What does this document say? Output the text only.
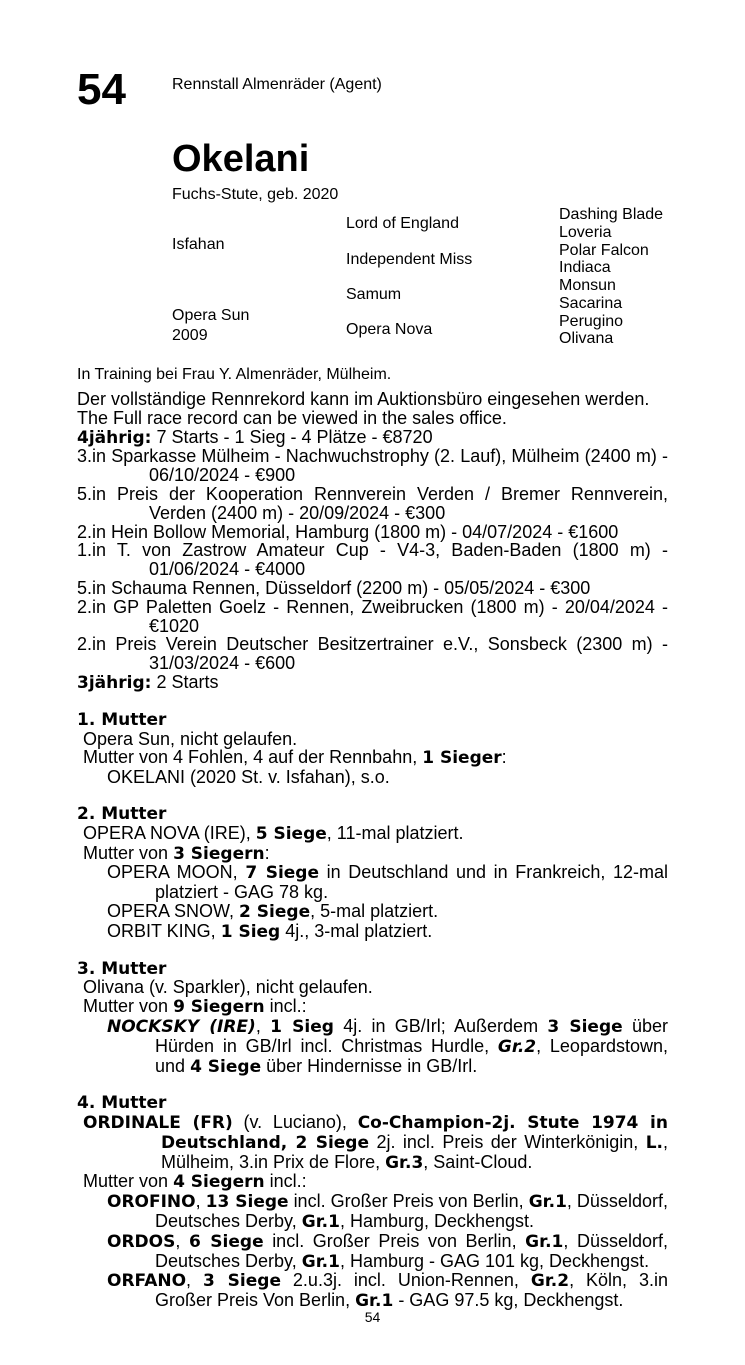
54	Rennstall Almenräder (Agent)
Okelani
Fuchs-Stute, geb. 2020
Isfahan
Opera Sun
2009
Lord of England
Independent Miss
Samum
Opera Nova
Dashing Blade
Loveria
Polar Falcon
Indiaca
Monsun
Sacarina
Perugino
Olivana
In Training bei Frau Y. Almenräder, Mülheim.
Der vollständige Rennrekord kann im Auktionsbüro eingesehen werden.
The Full race record can be viewed in the sales office.
4jährig: 7 Starts - 1 Sieg - 4 Plätze - €8720
3.in Sparkasse Mülheim - Nachwuchstrophy (2. Lauf), Mülheim (2400 m) - 06/10/2024 - €900
5.in Preis der Kooperation Rennverein Verden / Bremer Rennverein, Verden (2400 m) - 20/09/2024 - €300
2.in Hein Bollow Memorial, Hamburg (1800 m) - 04/07/2024 - €1600
1.in T. von Zastrow Amateur Cup - V4-3, Baden-Baden (1800 m) - 01/06/2024 - €4000
5.in Schauma Rennen, Düsseldorf (2200 m) - 05/05/2024 - €300
2.in GP Paletten Goelz - Rennen, Zweibrucken (1800 m) - 20/04/2024 - €1020
2.in Preis Verein Deutscher Besitzertrainer e.V., Sonsbeck (2300 m) - 31/03/2024 - €600
3jährig: 2 Starts
1. Mutter
Opera Sun, nicht gelaufen.
Mutter von 4 Fohlen, 4 auf der Rennbahn, 1 Sieger:
OKELANI (2020 St. v. Isfahan), s.o.
2. Mutter
OPERA NOVA (IRE), 5 Siege, 11-mal platziert.
Mutter von 3 Siegern:
OPERA MOON, 7 Siege in Deutschland und in Frankreich, 12-mal platziert - GAG 78 kg.
OPERA SNOW, 2 Siege, 5-mal platziert.
ORBIT KING, 1 Sieg 4j., 3-mal platziert.
3. Mutter
Olivana (v. Sparkler), nicht gelaufen.
Mutter von 9 Siegern incl.:
NOCKSKY (IRE), 1 Sieg 4j. in GB/Irl; Außerdem 3 Siege über Hürden in GB/Irl incl. Christmas Hurdle, Gr.2, Leopardstown, und 4 Siege über Hindernisse in GB/Irl.
4. Mutter
ORDINALE (FR) (v. Luciano), Co-Champion-2j. Stute 1974 in Deutschland, 2 Siege 2j. incl. Preis der Winterkönigin, L., Mülheim, 3.in Prix de Flore, Gr.3, Saint-Cloud.
Mutter von 4 Siegern incl.:
OROFINO, 13 Siege incl. Großer Preis von Berlin, Gr.1, Düsseldorf, Deutsches Derby, Gr.1, Hamburg, Deckhengst.
ORDOS, 6 Siege incl. Großer Preis von Berlin, Gr.1, Düsseldorf, Deutsches Derby, Gr.1, Hamburg - GAG 101 kg, Deckhengst.
ORFANO, 3 Siege 2.u.3j. incl. Union-Rennen, Gr.2, Köln, 3.in Großer Preis Von Berlin, Gr.1 - GAG 97.5 kg, Deckhengst.
54
